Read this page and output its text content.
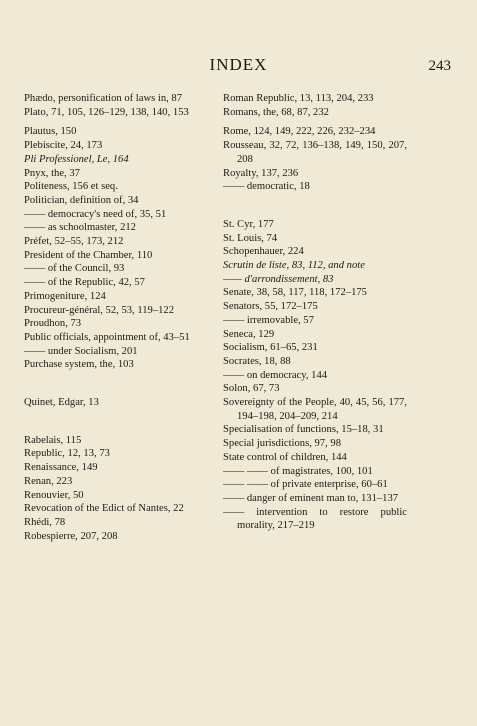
INDEX	243
Phædo, personification of laws in, 87
Plato, 71, 105, 126–129, 138, 140, 153
Plautus, 150
Plebiscite, 24, 173
Pli Professionel, Le, 164
Pnyx, the, 37
Politeness, 156 et seq.
Politician, definition of, 34
—— democracy's need of, 35, 51
—— as schoolmaster, 212
Préfet, 52–55, 173, 212
President of the Chamber, 110
—— of the Council, 93
—— of the Republic, 42, 57
Primogeniture, 124
Procureur-général, 52, 53, 119–122
Proudhon, 73
Public officials, appointment of, 43–51
—— under Socialism, 201
Purchase system, the, 103
Quinet, Edgar, 13
Rabelais, 115
Republic, 12, 13, 73
Renaissance, 149
Renan, 223
Renouvier, 50
Revocation of the Edict of Nantes, 22
Rhédi, 78
Robespierre, 207, 208
Roman Republic, 13, 113, 204, 233
Romans, the, 68, 87, 232
Rome, 124, 149, 222, 226, 232–234
Rousseau, 32, 72, 136–138, 149, 150, 207, 208
Royalty, 137, 236
—— democratic, 18
St. Cyr, 177
St. Louis, 74
Schopenhauer, 224
Scrutin de liste, 83, 112, and note
—— d'arrondissement, 83
Senate, 38, 58, 117, 118, 172–175
Senators, 55, 172–175
—— irremovable, 57
Seneca, 129
Socialism, 61–65, 231
Socrates, 18, 88
—— on democracy, 144
Solon, 67, 73
Sovereignty of the People, 40, 45, 56, 177, 194–198, 204–209, 214
Specialisation of functions, 15–18, 31
Special jurisdictions, 97, 98
State control of children, 144
—— —— of magistrates, 100, 101
—— —— of private enterprise, 60–61
—— danger of eminent man to, 131–137
—— intervention to restore public morality, 217–219
